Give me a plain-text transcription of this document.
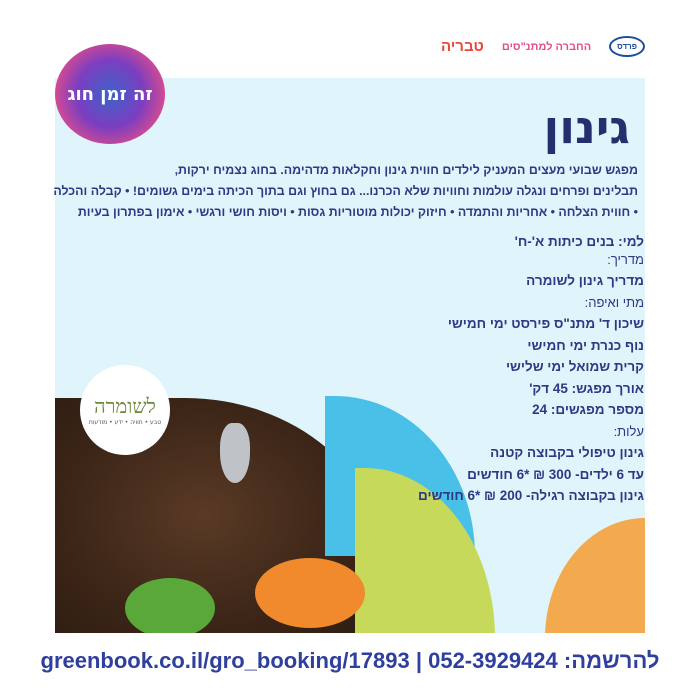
פרדס
החברה למתנ"סים
טבריה
זה זמן חוג
לשומרה
טבע • חוויה • ידע • מודעות
גינון
מפגש שבועי מעצים המעניק לילדים חווית גינון וחקלאות מדהימה. בחוג נצמיח ירקות,
תבלינים ופרחים ונגלה עולמות וחוויות שלא הכרנו... גם בחוץ וגם בתוך הכיתה בימים גשומים! • קבלה והכלה
• חווית הצלחה • אחריות והתמדה • חיזוק יכולות מוטוריות גסות • ויסות חושי ורגשי • אימון בפתרון בעיות
למי: בנים כיתות א'-ח'
מדריך:
מדריך גינון לשומרה
מתי ואיפה:
שיכון ד' מתנ"ס פירסט ימי חמישי
נוף כנרת ימי חמישי
קרית שמואל ימי שלישי
אורך מפגש: 45 דק'
מספר מפגשים: 24
עלות:
גינון טיפולי בקבוצה קטנה
עד 6 ילדים- 300 ₪ *6 חודשים
גינון בקבוצה רגילה- 200 ₪ *6 חודשים
להרשמה: greenbook.co.il/gro_booking/17893 | 052-3929424
